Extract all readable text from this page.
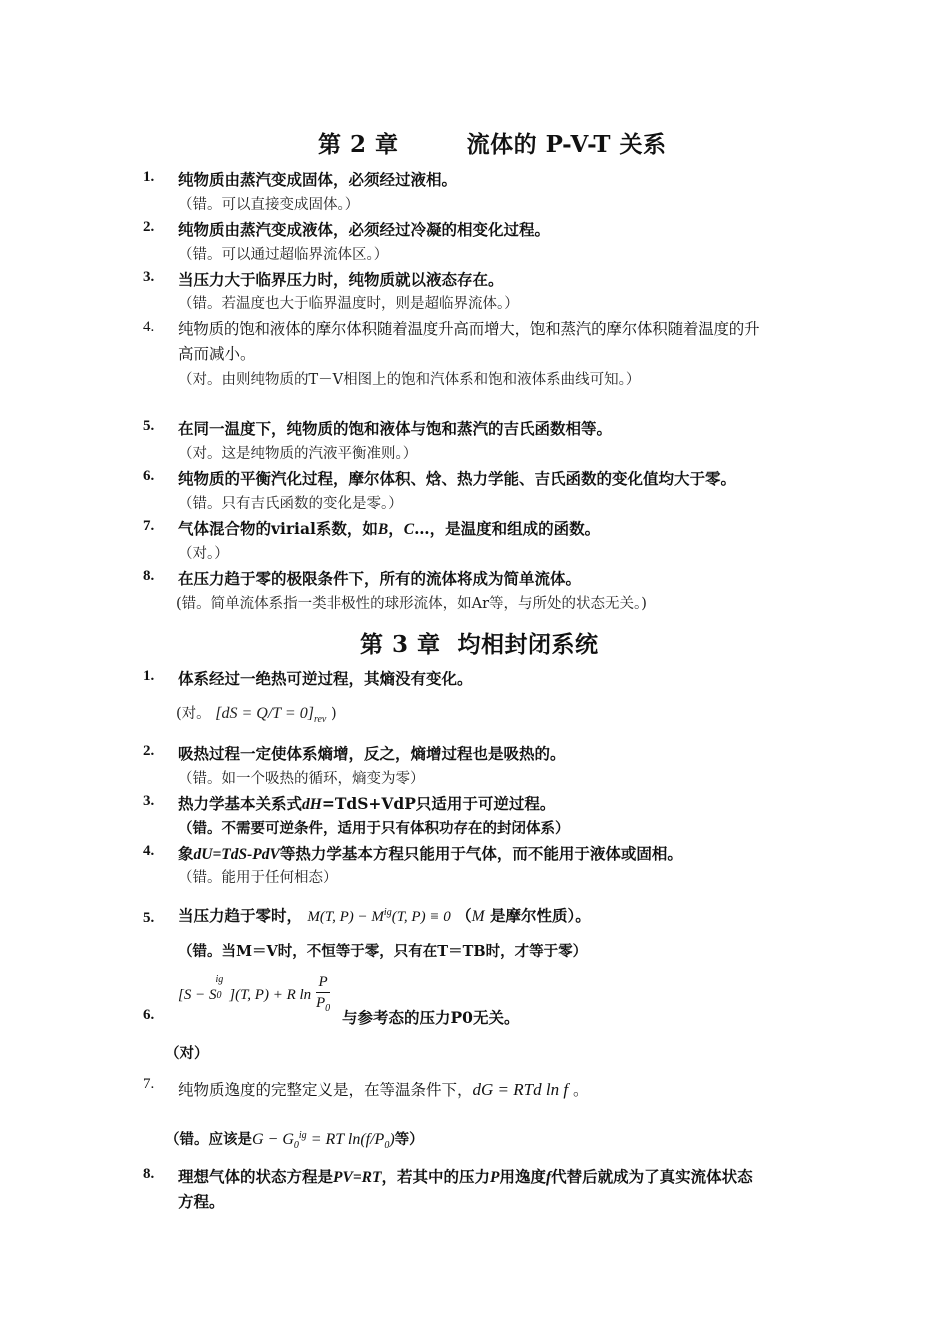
第 2 章        流体的 P-V-T 关系
1. 纯物质由蒸汽变成固体，必须经过液相。
（错。可以直接变成固体。）
2. 纯物质由蒸汽变成液体，必须经过冷凝的相变化过程。
（错。可以通过超临界流体区。）
3. 当压力大于临界压力时，纯物质就以液态存在。
（错。若温度也大于临界温度时，则是超临界流体。）
4. 纯物质的饱和液体的摩尔体积随着温度升高而增大，饱和蒸汽的摩尔体积随着温度的升
高而减小。
（对。由则纯物质的T－V相图上的饱和汽体系和饱和液体系曲线可知。）
5. 在同一温度下，纯物质的饱和液体与饱和蒸汽的吉氏函数相等。
（对。这是纯物质的汽液平衡准则。）
6. 纯物质的平衡汽化过程，摩尔体积、焓、热力学能、吉氏函数的变化值均大于零。
（错。只有吉氏函数的变化是零。）
7. 气体混合物的virial系数，如B，C…，是温度和组成的函数。
（对。）
8. 在压力趋于零的极限条件下，所有的流体将成为简单流体。
(错。简单流体系指一类非极性的球形流体，如Ar等，与所处的状态无关。)
第 3 章  均相封闭系统
1. 体系经过一绝热可逆过程，其熵没有变化。
(对。 $[dS = Q/T = 0]_{rev}$ )
2. 吸热过程一定使体系熵增，反之，熵增过程也是吸热的。
（错。如一个吸热的循环，熵变为零）
3. 热力学基本关系式dH=TdS+VdP只适用于可逆过程。
（错。不需要可逆条件，适用于只有体积功存在的封闭体系）
4. 象dU=TdS-PdV等热力学基本方程只能用于气体，而不能用于液体或固相。
（错。能用于任何相态）
5. 当压力趋于零时， M(T, $P) - M^{ig}(T$, P) ≡ 0 （M 是摩尔性质）。
（错。当M＝V时，不恒等于零，只有在T＝TB时，才等于零）
6.
$[S - S0^{ig}](T$, P) + R $\ln \frac{P}{P_0}$ 与参考态的压力P0无关。
（对）
7. 纯物质逸度的完整定义是，在等温条件下，dG = RTd ln f 。
（错。应该是$G - G_0^{ig}$ = RT $\ln(f/P_0)$等）
8. 理想气体的状态方程是PV=RT，若其中的压力P用逸度f代替后就成为了真实流体状态
方程。
